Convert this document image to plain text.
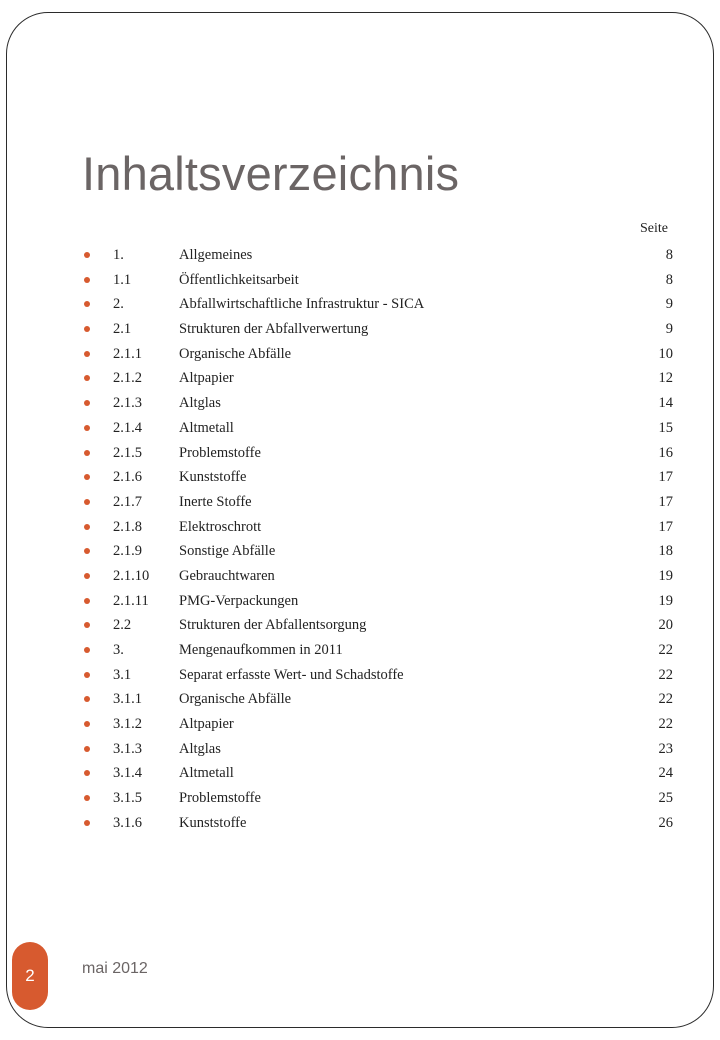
Inhaltsverzeichnis
Seite
1.	Allgemeines	8
1.1	Öffentlichkeitsarbeit	8
2.	Abfallwirtschaftliche Infrastruktur - SICA	9
2.1	Strukturen der Abfallverwertung	9
2.1.1	Organische Abfälle	10
2.1.2	Altpapier	12
2.1.3	Altglas	14
2.1.4	Altmetall	15
2.1.5	Problemstoffe	16
2.1.6	Kunststoffe	17
2.1.7	Inerte Stoffe	17
2.1.8	Elektroschrott	17
2.1.9	Sonstige Abfälle	18
2.1.10 Gebrauchtwaren	19
2.1.11 PMG-Verpackungen	19
2.2	Strukturen der Abfallentsorgung	20
3.	Mengenaufkommen in 2011	22
3.1	Separat erfasste Wert- und Schadstoffe	22
3.1.1	Organische Abfälle	22
3.1.2	Altpapier	22
3.1.3	Altglas	23
3.1.4	Altmetall	24
3.1.5	Problemstoffe	25
3.1.6	Kunststoffe	26
mai 2012
2
